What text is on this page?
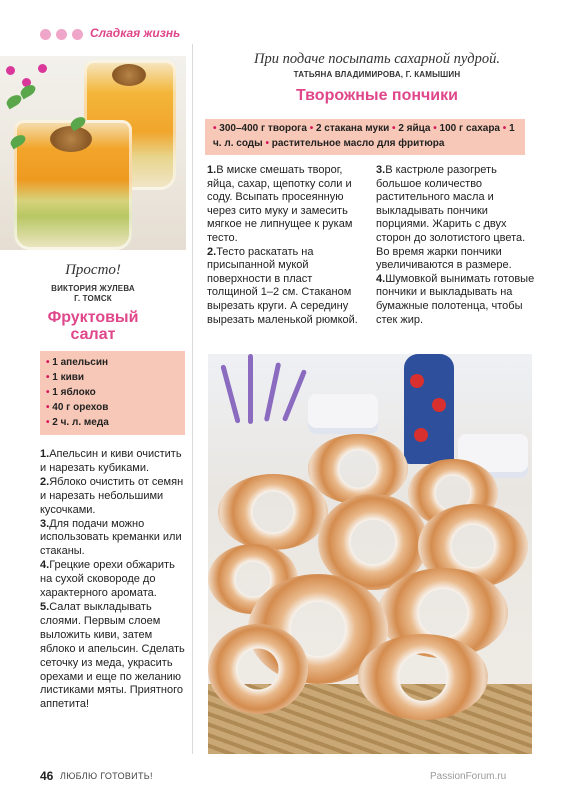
Сладкая жизнь
Просто!
ВИКТОРИЯ ЖУЛЕВА
Г. ТОМСК
Фруктовый
салат
• 1 апельсин
• 1 киви
• 1 яблоко
• 40 г орехов
• 2 ч. л. меда

1.Апельсин и киви очистить и нарезать кубиками.

2.Яблоко очистить от семян и нарезать небольшими кусочками.

3.Для подачи можно использовать креманки или стаканы.

4.Грецкие орехи обжарить на сухой сковороде до характерного аромата.

5.Салат выкладывать слоями. Первым слоем выложить киви, затем яблоко и апельсин. Сделать сеточку из меда, украсить орехами и еще по желанию листиками мяты. Приятного аппетита!

При подаче посыпать сахарной пудрой.
ТАТЬЯНА ВЛАДИМИРОВА, Г. КАМЫШИН
Творожные пончики
• 300–400 г творога • 2 стакана муки • 2 яйца • 100 г сахара • 1 ч. л. соды • растительное масло для фритюра

1.В миске смешать творог, яйца, сахар, щепотку соли и соду. Всыпать просеянную через сито муку и замесить мягкое не липнущее к рукам тесто.

2.Тесто раскатать на присыпанной мукой поверхности в пласт толщиной 1–2 см. Стаканом вырезать круги. А середину вырезать маленькой рюмкой.

3.В кастрюле разогреть большое количество растительного масла и выкладывать пончики порциями. Жарить с двух сторон до золотистого цвета. Во время жарки пончики увеличиваются в размере.

4.Шумовкой вынимать готовые пончики и выкладывать на бумажные полотенца, чтобы стек жир.

46 ЛЮБЛЮ ГОТОВИТЬ!	PassionForum.ru
